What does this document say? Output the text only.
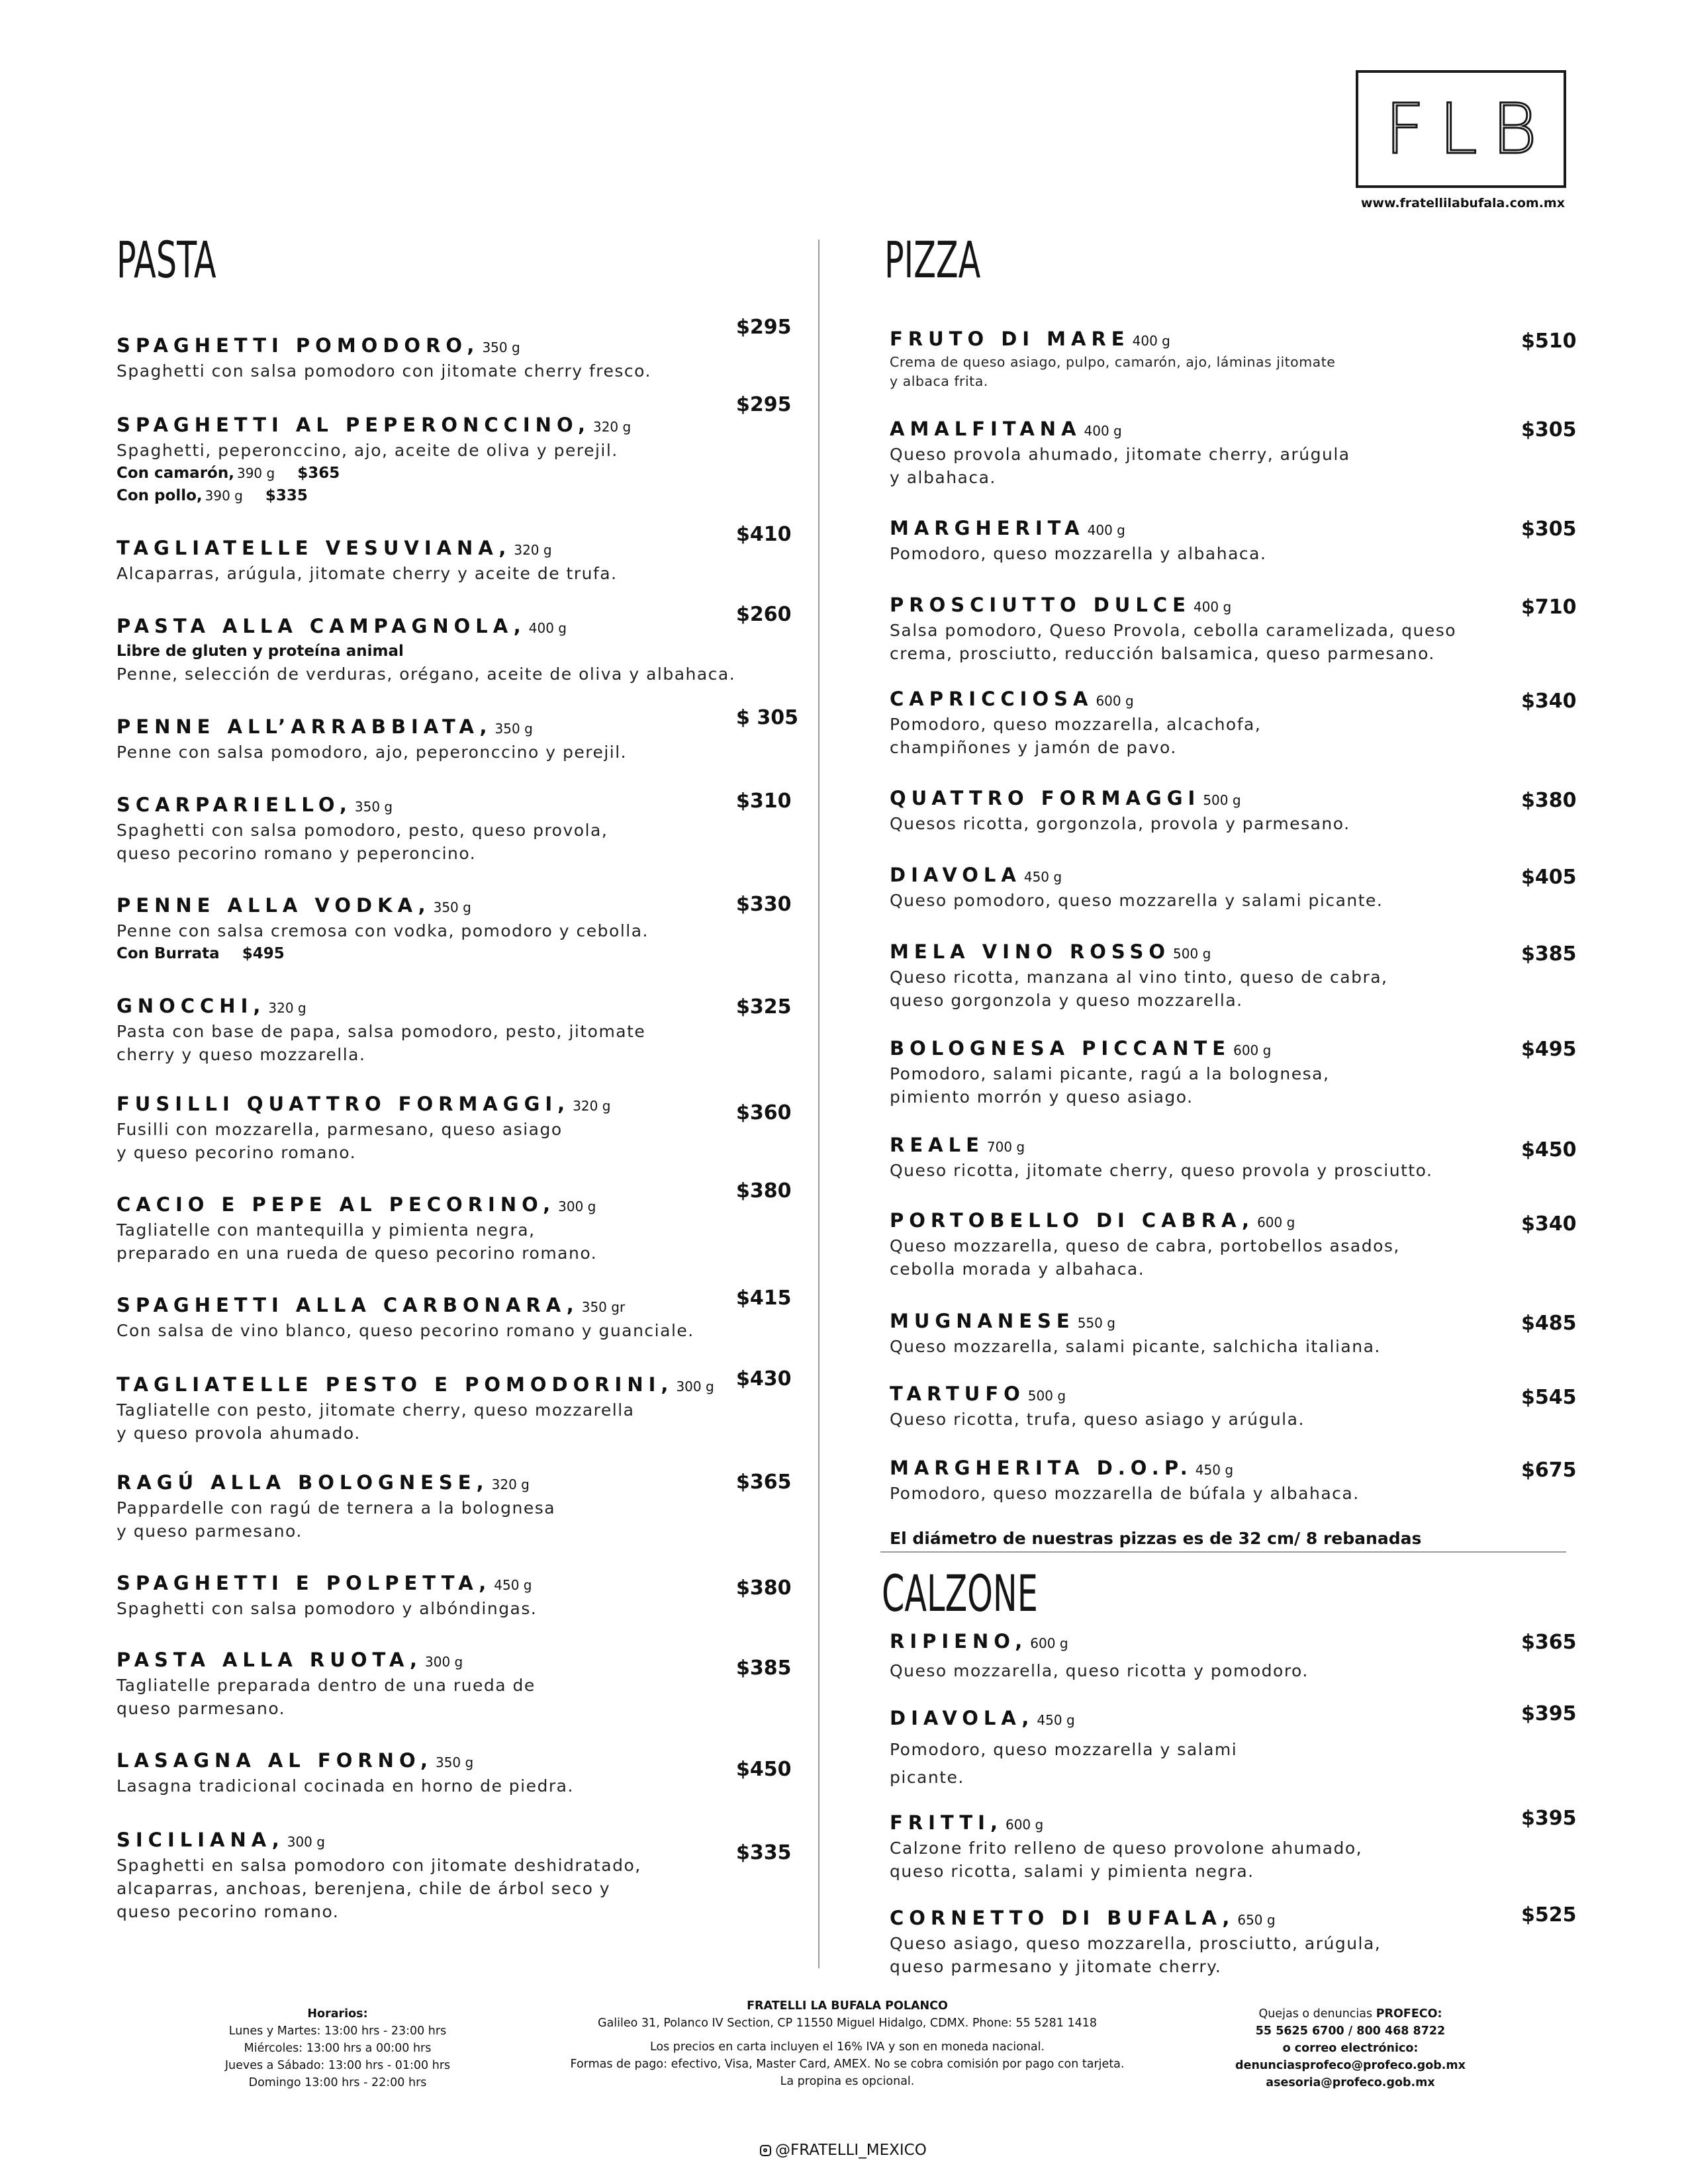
FLB
www.fratellilabufala.com.mx
PASTA	PIZZA
CALZONE
SPAGHETTI POMODORO, 350 g
Spaghetti con salsa pomodoro con jitomate cherry fresco.
$295
SPAGHETTI AL PEPERONCCINO, 320 g
Spaghetti, peperonccino, ajo, aceite de oliva y perejil.
Con camarón, 390 g $365
Con pollo, 390 g $335
$295
TAGLIATELLE VESUVIANA, 320 g
Alcaparras, arúgula, jitomate cherry y aceite de trufa.
$410
PASTA ALLA CAMPAGNOLA, 400 g
Libre de gluten y proteína animal
Penne, selección de verduras, orégano, aceite de oliva y albahaca.
$260
PENNE ALL’ARRABBIATA, 350 g
Penne con salsa pomodoro, ajo, peperonccino y perejil.
$ 305
SCARPARIELLO, 350 g
Spaghetti con salsa pomodoro, pesto, queso provola,
queso pecorino romano y peperoncino.
$310
PENNE ALLA VODKA, 350 g
Penne con salsa cremosa con vodka, pomodoro y cebolla.
Con Burrata $495
$330
GNOCCHI, 320 g
Pasta con base de papa, salsa pomodoro, pesto, jitomate
cherry y queso mozzarella.
$325
FUSILLI QUATTRO FORMAGGI, 320 g
Fusilli con mozzarella, parmesano, queso asiago
y queso pecorino romano.
$360
CACIO E PEPE AL PECORINO, 300 g
Tagliatelle con mantequilla y pimienta negra,
preparado en una rueda de queso pecorino romano.
$380
SPAGHETTI ALLA CARBONARA, 350 gr
Con salsa de vino blanco, queso pecorino romano y guanciale.
$415
TAGLIATELLE PESTO E POMODORINI, 300 g
Tagliatelle con pesto, jitomate cherry, queso mozzarella
y queso provola ahumado.
$430
RAGÚ ALLA BOLOGNESE, 320 g
Pappardelle con ragú de ternera a la bolognesa
y queso parmesano.
$365
SPAGHETTI E POLPETTA, 450 g
Spaghetti con salsa pomodoro y albóndingas.
$380
PASTA ALLA RUOTA, 300 g
Tagliatelle preparada dentro de una rueda de
queso parmesano.
$385
LASAGNA AL FORNO, 350 g
Lasagna tradicional cocinada en horno de piedra.
$450
SICILIANA, 300 g
Spaghetti en salsa pomodoro con jitomate deshidratado,
alcaparras, anchoas, berenjena, chile de árbol seco y
queso pecorino romano.
$335
FRUTO DI MARE 400 g
Crema de queso asiago, pulpo, camarón, ajo, láminas jitomate
y albaca frita.
$510
AMALFITANA 400 g
Queso provola ahumado, jitomate cherry, arúgula
y albahaca.
$305
MARGHERITA 400 g
Pomodoro, queso mozzarella y albahaca.
$305
PROSCIUTTO DULCE 400 g
Salsa pomodoro, Queso Provola, cebolla caramelizada, queso
crema, prosciutto, reducción balsamica, queso parmesano.
$710
CAPRICCIOSA 600 g
Pomodoro, queso mozzarella, alcachofa,
champiñones y jamón de pavo.
$340
QUATTRO FORMAGGI 500 g
Quesos ricotta, gorgonzola, provola y parmesano.
$380
DIAVOLA 450 g
Queso pomodoro, queso mozzarella y salami picante.
$405
MELA VINO ROSSO 500 g
Queso ricotta, manzana al vino tinto, queso de cabra,
queso gorgonzola y queso mozzarella.
$385
BOLOGNESA PICCANTE 600 g
Pomodoro, salami picante, ragú a la bolognesa,
pimiento morrón y queso asiago.
$495
REALE 700 g
Queso ricotta, jitomate cherry, queso provola y prosciutto.
$450
PORTOBELLO DI CABRA, 600 g
Queso mozzarella, queso de cabra, portobellos asados,
cebolla morada y albahaca.
$340
MUGNANESE 550 g
Queso mozzarella, salami picante, salchicha italiana.
$485
TARTUFO 500 g
Queso ricotta, trufa, queso asiago y arúgula.
$545
MARGHERITA D.O.P. 450 g
Pomodoro, queso mozzarella de búfala y albahaca.
$675
El diámetro de nuestras pizzas es de 32 cm/ 8 rebanadas
RIPIENO, 600 g
Queso mozzarella, queso ricotta y pomodoro.
$365
DIAVOLA, 450 g
Pomodoro, queso mozzarella y salami
picante.
$395
FRITTI, 600 g
Calzone frito relleno de queso provolone ahumado,
queso ricotta, salami y pimienta negra.
$395
CORNETTO DI BUFALA, 650 g
Queso asiago, queso mozzarella, prosciutto, arúgula,
queso parmesano y jitomate cherry.
$525
Horarios:
Lunes y Martes: 13:00 hrs - 23:00 hrs
Miércoles: 13:00 hrs a 00:00 hrs
Jueves a Sábado: 13:00 hrs - 01:00 hrs
Domingo 13:00 hrs - 22:00 hrs
FRATELLI LA BUFALA POLANCO
Galileo 31, Polanco IV Section, CP 11550 Miguel Hidalgo, CDMX. Phone: 55 5281 1418
Los precios en carta incluyen el 16% IVA y son en moneda nacional.
Formas de pago: efectivo, Visa, Master Card, AMEX. No se cobra comisión por pago con tarjeta.
La propina es opcional.
Quejas o denuncias PROFECO:
55 5625 6700 / 800 468 8722
o correo electrónico:
denunciasprofeco@profeco.gob.mx
asesoria@profeco.gob.mx
@FRATELLI_MEXICO
